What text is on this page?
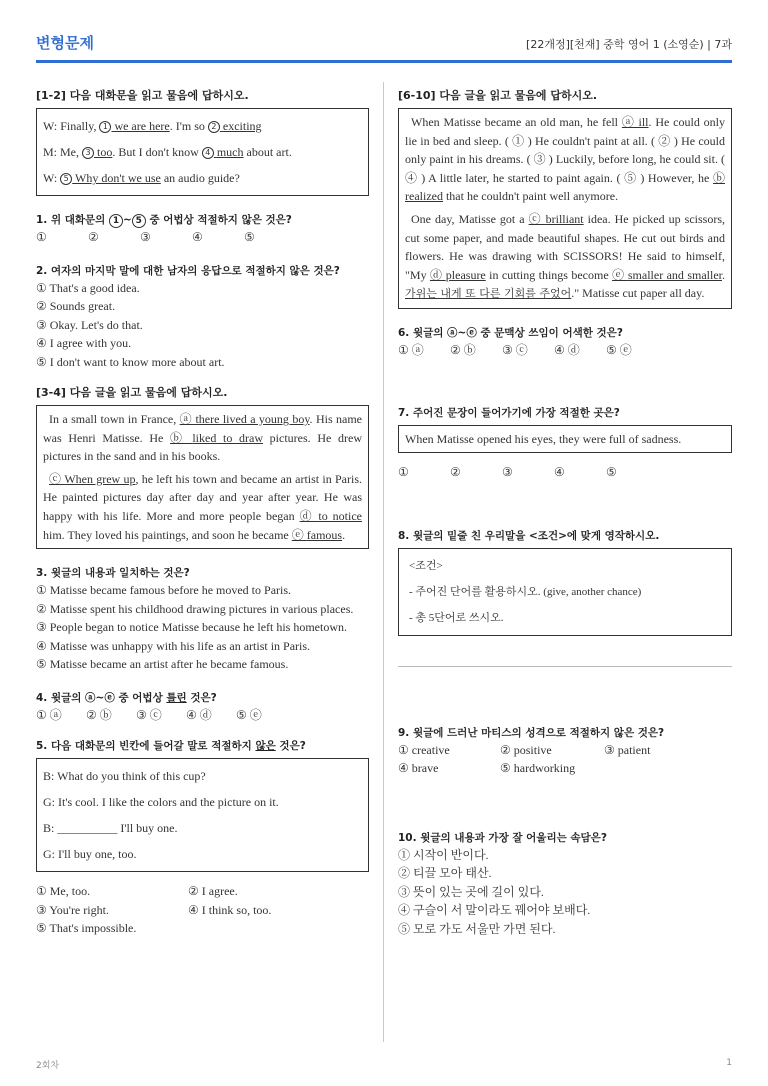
변형문제	[22개정][천재] 중학 영어 1 (소영순) | 7과
[1-2] 다음 대화문을 읽고 물음에 답하시오.
W: Finally, 1 we are here. I'm so 2 exciting
M: Me, 3 too. But I don't know 4 much about art.
W: 5 Why don't we use an audio guide?
1. 위 대화문의 1 ~ 5 중 어법상 적절하지 않은 것은?
①	②	③	④	⑤
2. 여자의 마지막 말에 대한 남자의 응답으로 적절하지 않은 것은?
① That's a good idea.
② Sounds great.
③ Okay. Let's do that.
④ I agree with you.
⑤ I don't want to know more about art.
[3-4] 다음 글을 읽고 물음에 답하시오.

In a small town in France, ⓐ there lived a young boy. His name was Henri Matisse. He ⓑ liked to draw pictures. He drew pictures in the sand and in his books.

ⓒ When grew up, he left his town and became an artist in Paris. He painted pictures day after day and year after year. He was happy with his life. More and more people began ⓓ to notice him. They loved his paintings, and soon he became ⓔ famous.

3. 윗글의 내용과 일치하는 것은?
① Matisse became famous before he moved to Paris.
② Matisse spent his childhood drawing pictures in various places.
③ People began to notice Matisse because he left his hometown.
④ Matisse was unhappy with his life as an artist in Paris.
⑤ Matisse became an artist after he became famous.
4. 윗글의 ⓐ~ⓔ 중 어법상 틀린 것은?
① ⓐ	② ⓑ	③ ⓒ	④ ⓓ	⑤ ⓔ
5. 다음 대화문의 빈칸에 들어갈 말로 적절하지 않은 것은?
B: What do you think of this cup?
G: It's cool. I like the colors and the picture on it.
B: __________ I'll buy one.
G: I'll buy one, too.
① Me, too.	② I agree.
③ You're right.	④ I think so, too.
⑤ That's impossible.
[6-10] 다음 글을 읽고 물음에 답하시오.

When Matisse became an old man, he fell ⓐ ill. He could only lie in bed and sleep. ( ① ) He couldn't paint at all. ( ② ) He could only paint in his dreams. ( ③ ) Luckily, before long, he could sit. ( ④ ) A little later, he started to paint again. ( ⑤ ) However, he ⓑ realized that he couldn't paint well anymore.

One day, Matisse got a ⓒ brilliant idea. He picked up scissors, cut some paper, and made beautiful shapes. He cut out birds and flowers. He was drawing with SCISSORS! He said to himself, "My ⓓ pleasure in cutting things become ⓔ smaller and smaller. 가위는 내게 또 다른 기회를 주었어." Matisse cut paper all day.

6. 윗글의 ⓐ~ⓔ 중 문맥상 쓰임이 어색한 것은?
① ⓐ	② ⓑ	③ ⓒ	④ ⓓ	⑤ ⓔ
7. 주어진 문장이 들어가기에 가장 적절한 곳은?
When Matisse opened his eyes, they were full of sadness.
①	②	③	④	⑤
8. 윗글의 밑줄 친 우리말을 <조건>에 맞게 영작하시오.
<조건>
- 주어진 단어를 활용하시오. (give, another chance)
- 총 5단어로 쓰시오.
9. 윗글에 드러난 마티스의 성격으로 적절하지 않은 것은?
① creative	② positive	③ patient
④ brave	⑤ hardworking
10. 윗글의 내용과 가장 잘 어울리는 속담은?
① 시작이 반이다.
② 티끌 모아 태산.
③ 뜻이 있는 곳에 길이 있다.
④ 구슬이 서 말이라도 꿰어야 보배다.
⑤ 모로 가도 서울만 가면 된다.
2회차	1
